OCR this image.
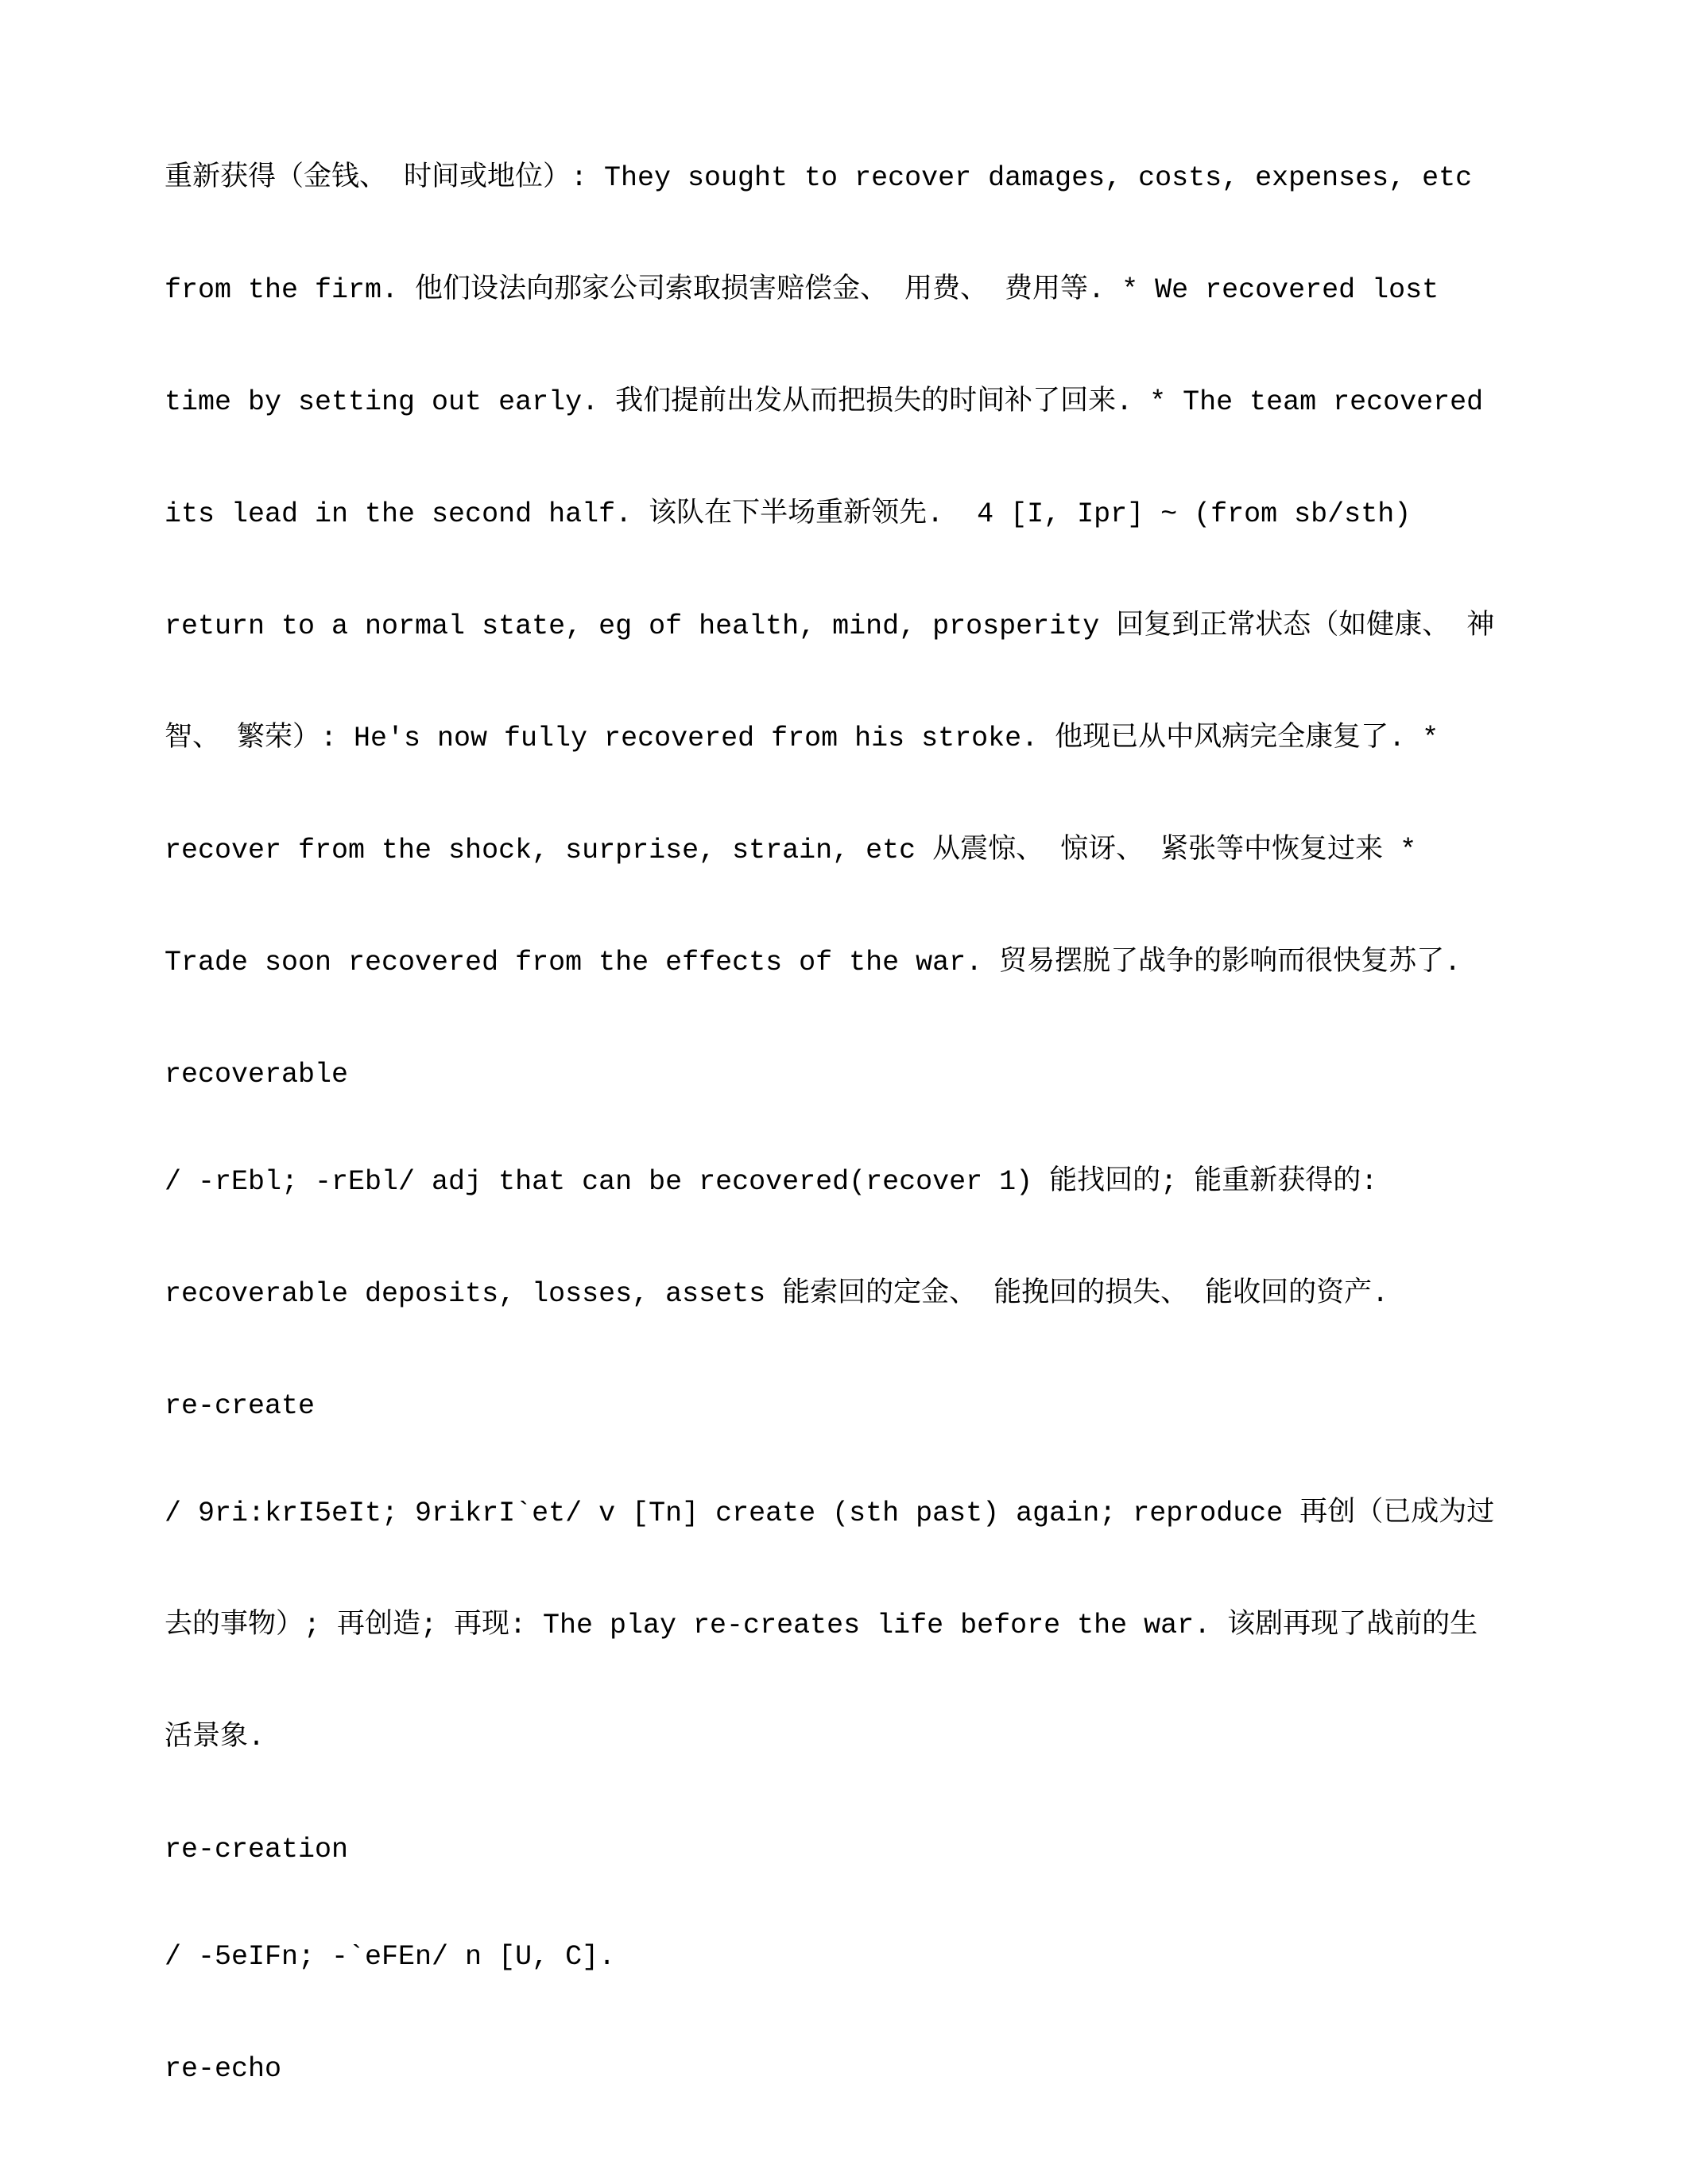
重新获得（金钱、 时间或地位）: They sought to recover damages, costs, expenses, etc

from the firm. 他们设法向那家公司索取损害赔偿金、 用费、 费用等. * We recovered lost

time by setting out early. 我们提前出发从而把损失的时间补了回来. * The team recovered

its lead in the second half. 该队在下半场重新领先.  4 [I, Ipr] ~ (from sb/sth)

return to a normal state, eg of health, mind, prosperity 回复到正常状态（如健康、 神

智、 繁荣）: He's now fully recovered from his stroke. 他现已从中风病完全康复了. *

recover from the shock, surprise, strain, etc 从震惊、 惊讶、 紧张等中恢复过来 *

Trade soon recovered from the effects of the war. 贸易摆脱了战争的影响而很快复苏了.

recoverable

/ -rEbl; -rEbl/ adj that can be recovered(recover 1) 能找回的; 能重新获得的:

recoverable deposits, losses, assets 能索回的定金、 能挽回的损失、 能收回的资产.

re-create

/ 9ri:krI5eIt; 9rikrI`et/ v [Tn] create (sth past) again; reproduce 再创（已成为过

去的事物）; 再创造; 再现: The play re-creates life before the war. 该剧再现了战前的生

活景象.

re-creation

/ -5eIFn; -`eFEn/ n [U, C].

re-echo
